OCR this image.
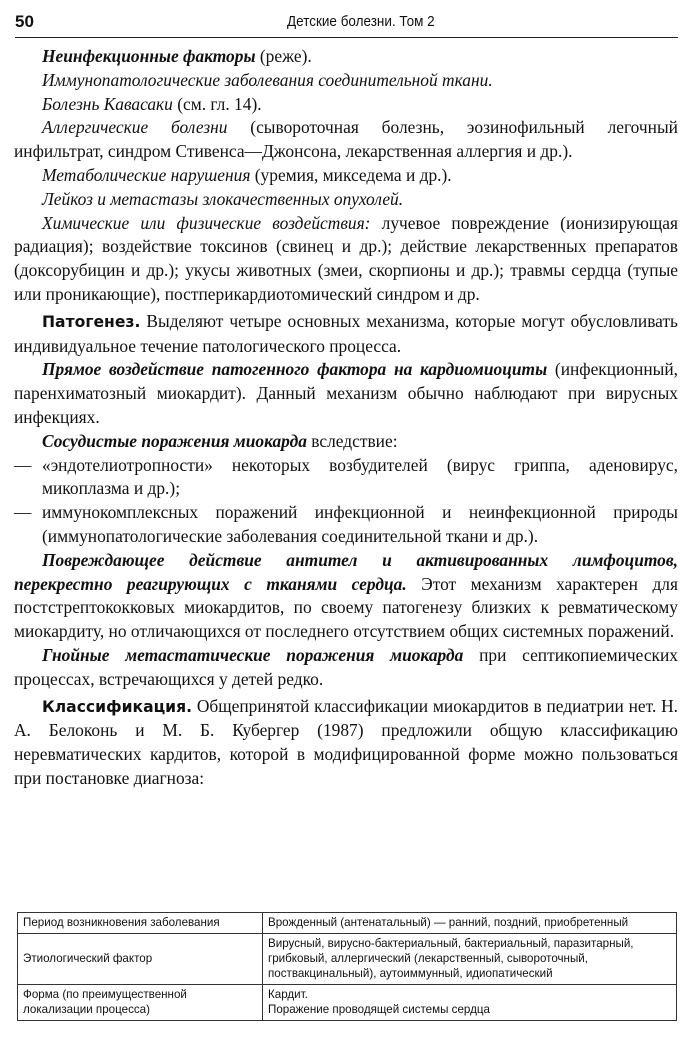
50	Детские болезни. Том 2

Неинфекционные факторы (реже).

Иммунопатологические заболевания соединительной ткани.

Болезнь Кавасаки (см. гл. 14).

Аллергические болезни (сывороточная болезнь, эозинофильный легочный инфильтрат, синдром Стивенса—Джонсона, лекарственная аллергия и др.).

Метаболические нарушения (уремия, микседема и др.).

Лейкоз и метастазы злокачественных опухолей.

Химические или физические воздействия: лучевое повреждение (ионизирующая радиация); воздействие токсинов (свинец и др.); действие лекарственных препаратов (доксорубицин и др.); укусы животных (змеи, скорпионы и др.); травмы сердца (тупые или проникающие), постперикардиотомический синдром и др.

Патогенез. Выделяют четыре основных механизма, которые могут обусловливать индивидуальное течение патологического процесса.

Прямое воздействие патогенного фактора на кардиомиоциты (инфекционный, паренхиматозный миокардит). Данный механизм обычно наблюдают при вирусных инфекциях.

Сосудистые поражения миокарда вследствие:

— «эндотелиотропности» некоторых возбудителей (вирус гриппа, аденовирус, микоплазма и др.);

— иммунокомплексных поражений инфекционной и неинфекционной природы (иммунопатологические заболевания соединительной ткани и др.).

Повреждающее действие антител и активированных лимфоцитов, перекрестно реагирующих с тканями сердца. Этот механизм характерен для постстрептококковых миокардитов, по своему патогенезу близких к ревматическому миокардиту, но отличающихся от последнего отсутствием общих системных поражений.

Гнойные метастатические поражения миокарда при септикопиемических процессах, встречающихся у детей редко.

Классификация. Общепринятой классификации миокардитов в педиатрии нет. Н. А. Белоконь и М. Б. Кубергер (1987) предложили общую классификацию неревматических кардитов, которой в модифицированной форме можно пользоваться при постановке диагноза:

Период возникновения заболевания	Врожденный (антенатальный) — ранний, поздний, приобретенный

Этиологический фактор	Вирусный, вирусно-бактериальный, бактериальный, паразитарный, грибковый, аллергический (лекарственный, сывороточный, поствакцинальный), аутоиммунный, идиопатический

Форма (по преимущественной локализации процесса)	Кардит.
Поражение проводящей системы сердца
